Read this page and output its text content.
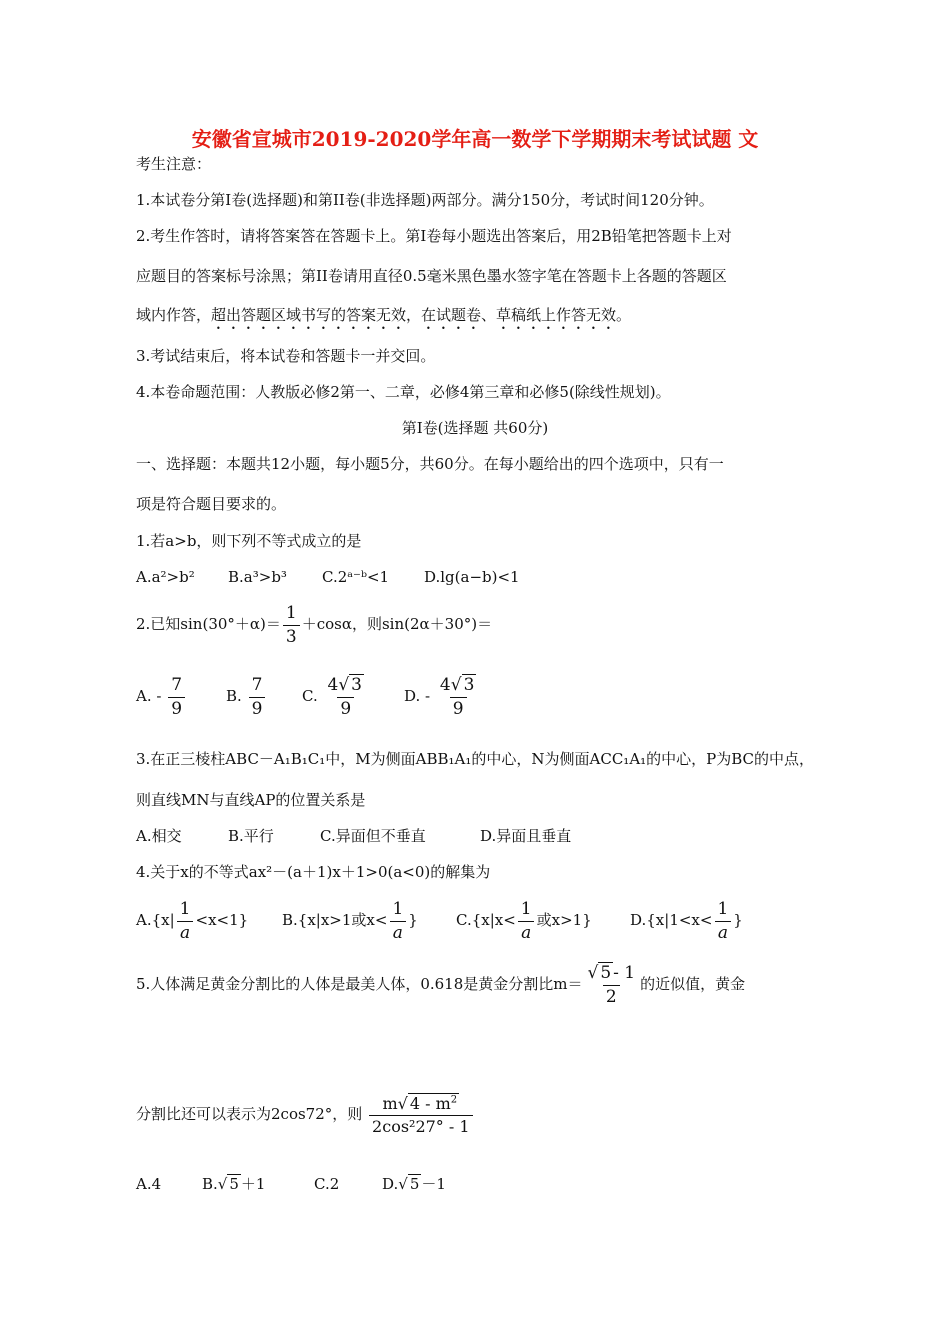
安徽省宣城市2019-2020学年高一数学下学期期末考试试题 文
考生注意：
1.本试卷分第I卷(选择题)和第II卷(非选择题)两部分。满分150分，考试时间120分钟。
2.考生作答时，请将答案答在答题卡上。第I卷每小题选出答案后，用2B铅笔把答题卡上对
应题目的答案标号涂黑；第II卷请用直径0.5毫米黑色墨水签字笔在答题卡上各题的答题区
域内作答，超出答题区域书写的答案无效，在试题卷、草稿纸上作答无效。
3.考试结束后，将本试卷和答题卡一并交回。
4.本卷命题范围：人教版必修2第一、二章，必修4第三章和必修5(除线性规划)。
第I卷(选择题 共60分)
一、选择题：本题共12小题，每小题5分，共60分。在每小题给出的四个选项中，只有一
项是符合题目要求的。
1.若a>b，则下列不等式成立的是
A.a²>b² B.a³>b³ C.2ᵃ⁻ᵇ<1 D.lg(a−b)<1
2.已知$\sin(30^\circ+\alpha)= \frac{1}{3} +\cos\alpha$，则sin(2α＋30°)＝
A. - $\frac{7}{9}$	B. $\frac{7}{9} C$. $\frac{4√ 3}{9} D$. - $\frac{4√ 3}{9}$
3.在正三棱柱ABC－A₁B₁C₁中，M为侧面ABB₁A₁的中心，N为侧面ACC₁A₁的中心，P为BC的中点，
则直线MN与直线AP的位置关系是
A.相交	B.平行	C.异面但不垂直	D.异面且垂直
4.关于x的不等式ax²－(a＋1)x＋1>0(a<0)的解集为
$A.\{x| \frac{1}{a} <x<1\}$ B.{x|x>1或$x< \frac{1}{a}$ }	$C.\{x|x< \frac{1}{a}$ 或x>1}	$D.\{x|1<x< \frac{1}{a}$ }
5.人体满足黄金分割比的人体是最美人体，0.618是黄金分割比$m= \frac{√ 5 - 1}{2}$ 的近似值，黄金
分割比还可以表示为2cos72°，则 $\frac{m√ 4 - m^2}{\text{2cos²27° - 1}}$
A.4	B.√ 5 ＋1	C.2	D.√ 5 －1
